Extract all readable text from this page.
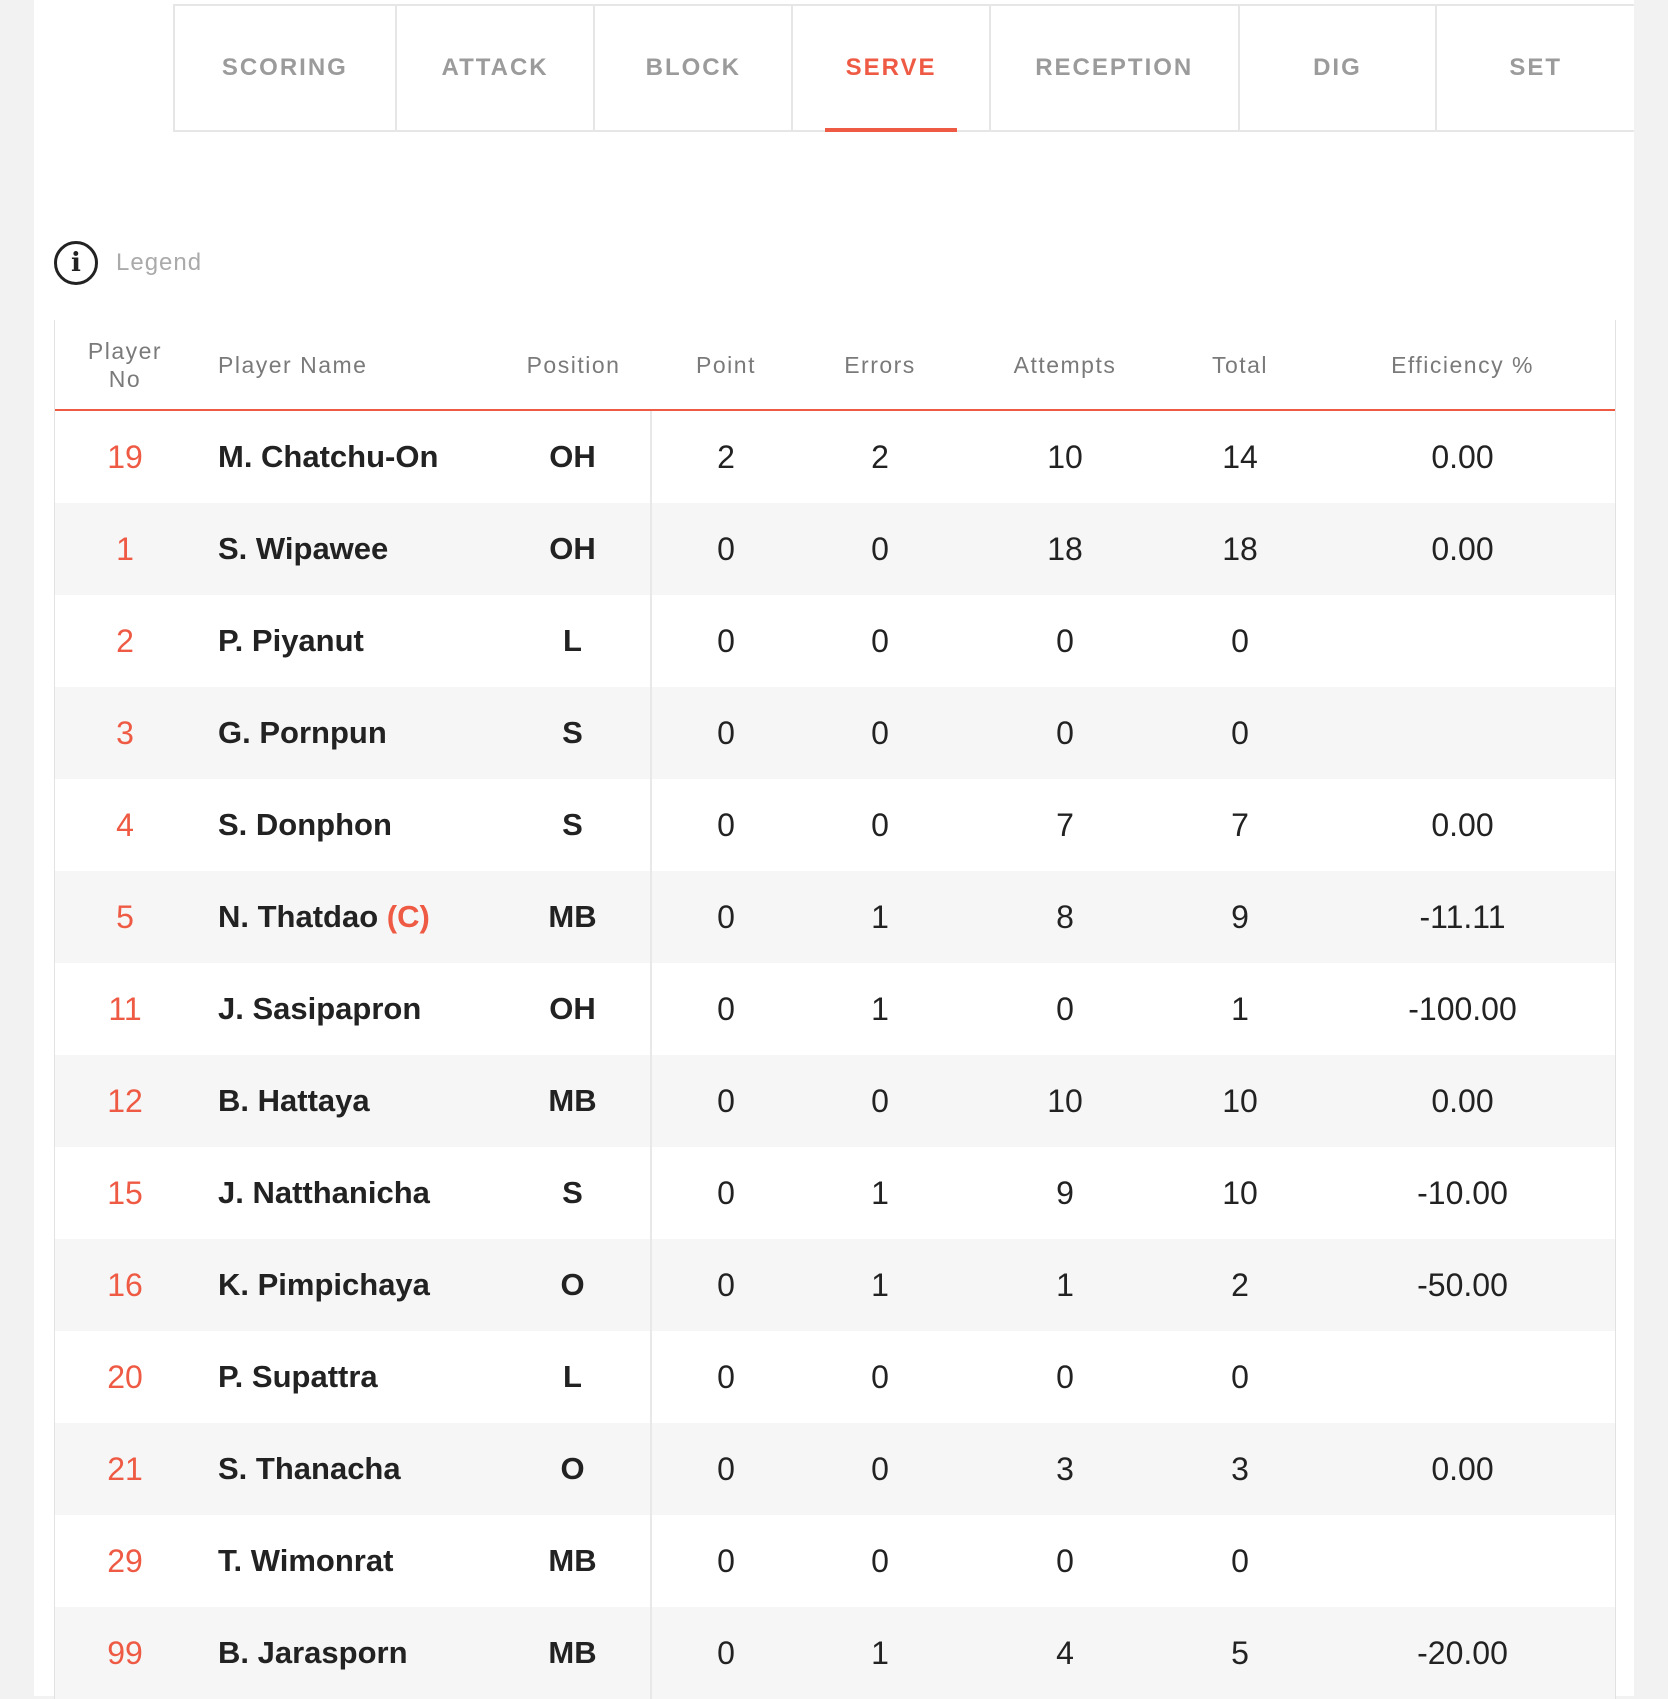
SCORING	ATTACK	BLOCK	SERVE	RECEPTION	DIG	SET
i	Legend
Player
No
Player Name	Position	Point	Errors	Attempts	Total	Efficiency %
19	M. Chatchu-On	OH	2	2	10	14	0.00
1	S. Wipawee	OH	0	0	18	18	0.00
2	P. Piyanut	L	0	0	0	0
3	G. Pornpun	S	0	0	0	0
4	S. Donphon	S	0	0	7	7	0.00
5	N. Thatdao (C)	MB	0	1	8	9	-11.11
11	J. Sasipapron	OH	0	1	0	1	-100.00
12	B. Hattaya	MB	0	0	10	10	0.00
15	J. Natthanicha	S	0	1	9	10	-10.00
16	K. Pimpichaya	O	0	1	1	2	-50.00
20	P. Supattra	L	0	0	0	0
21	S. Thanacha	O	0	0	3	3	0.00
29	T. Wimonrat	MB	0	0	0	0
99	B. Jarasporn	MB	0	1	4	5	-20.00
